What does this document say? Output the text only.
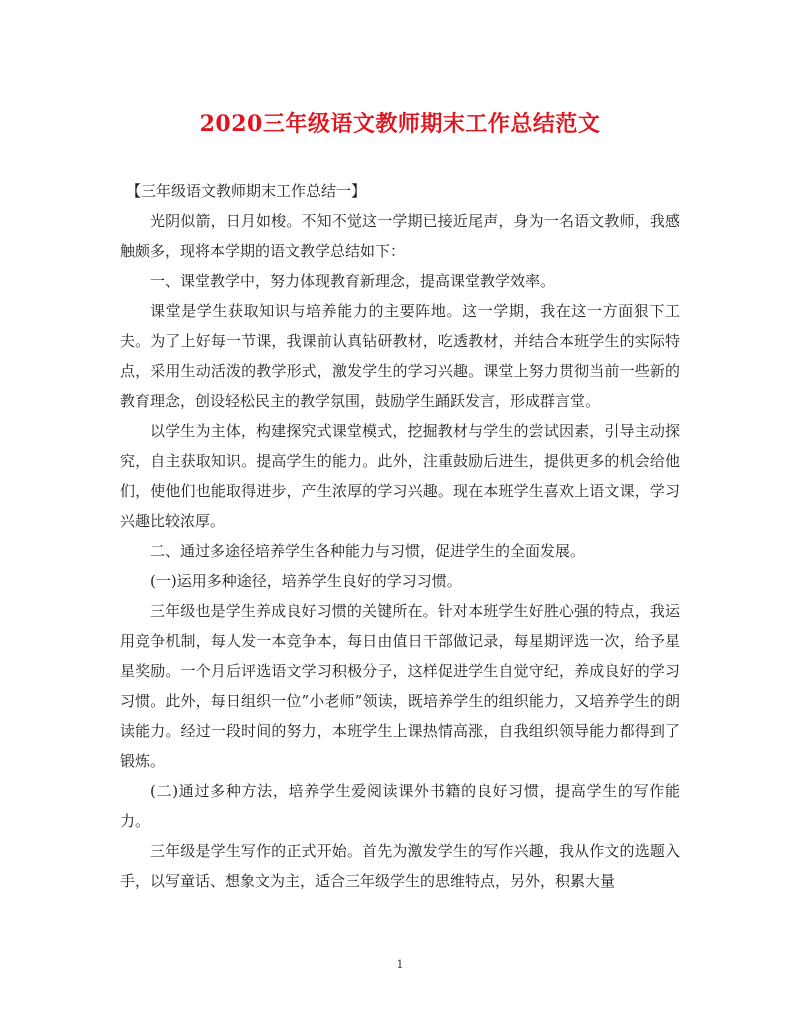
2020三年级语文教师期末工作总结范文

【三年级语文教师期末工作总结一】

光阴似箭，日月如梭。不知不觉这一学期已接近尾声，身为一名语文教师，我感触颇多，现将本学期的语文教学总结如下：

一、课堂教学中，努力体现教育新理念，提高课堂教学效率。

课堂是学生获取知识与培养能力的主要阵地。这一学期，我在这一方面狠下工夫。为了上好每一节课，我课前认真钻研教材，吃透教材，并结合本班学生的实际特点，采用生动活泼的教学形式，激发学生的学习兴趣。课堂上努力贯彻当前一些新的教育理念，创设轻松民主的教学氛围，鼓励学生踊跃发言，形成群言堂。

以学生为主体，构建探究式课堂模式，挖掘教材与学生的尝试因素，引导主动探究，自主获取知识。提高学生的能力。此外，注重鼓励后进生，提供更多的机会给他们，使他们也能取得进步，产生浓厚的学习兴趣。现在本班学生喜欢上语文课，学习兴趣比较浓厚。

二、通过多途径培养学生各种能力与习惯，促进学生的全面发展。

(一)运用多种途径，培养学生良好的学习习惯。

三年级也是学生养成良好习惯的关键所在。针对本班学生好胜心强的特点，我运用竞争机制，每人发一本竞争本，每日由值日干部做记录，每星期评选一次，给予星星奖励。一个月后评选语文学习积极分子，这样促进学生自觉守纪，养成良好的学习习惯。此外，每日组织一位”小老师”领读，既培养学生的组织能力，又培养学生的朗读能力。经过一段时间的努力，本班学生上课热情高涨，自我组织领导能力都得到了锻炼。

(二)通过多种方法，培养学生爱阅读课外书籍的良好习惯，提高学生的写作能力。

三年级是学生写作的正式开始。首先为激发学生的写作兴趣，我从作文的选题入手，以写童话、想象文为主，适合三年级学生的思维特点，另外，积累大量

1
